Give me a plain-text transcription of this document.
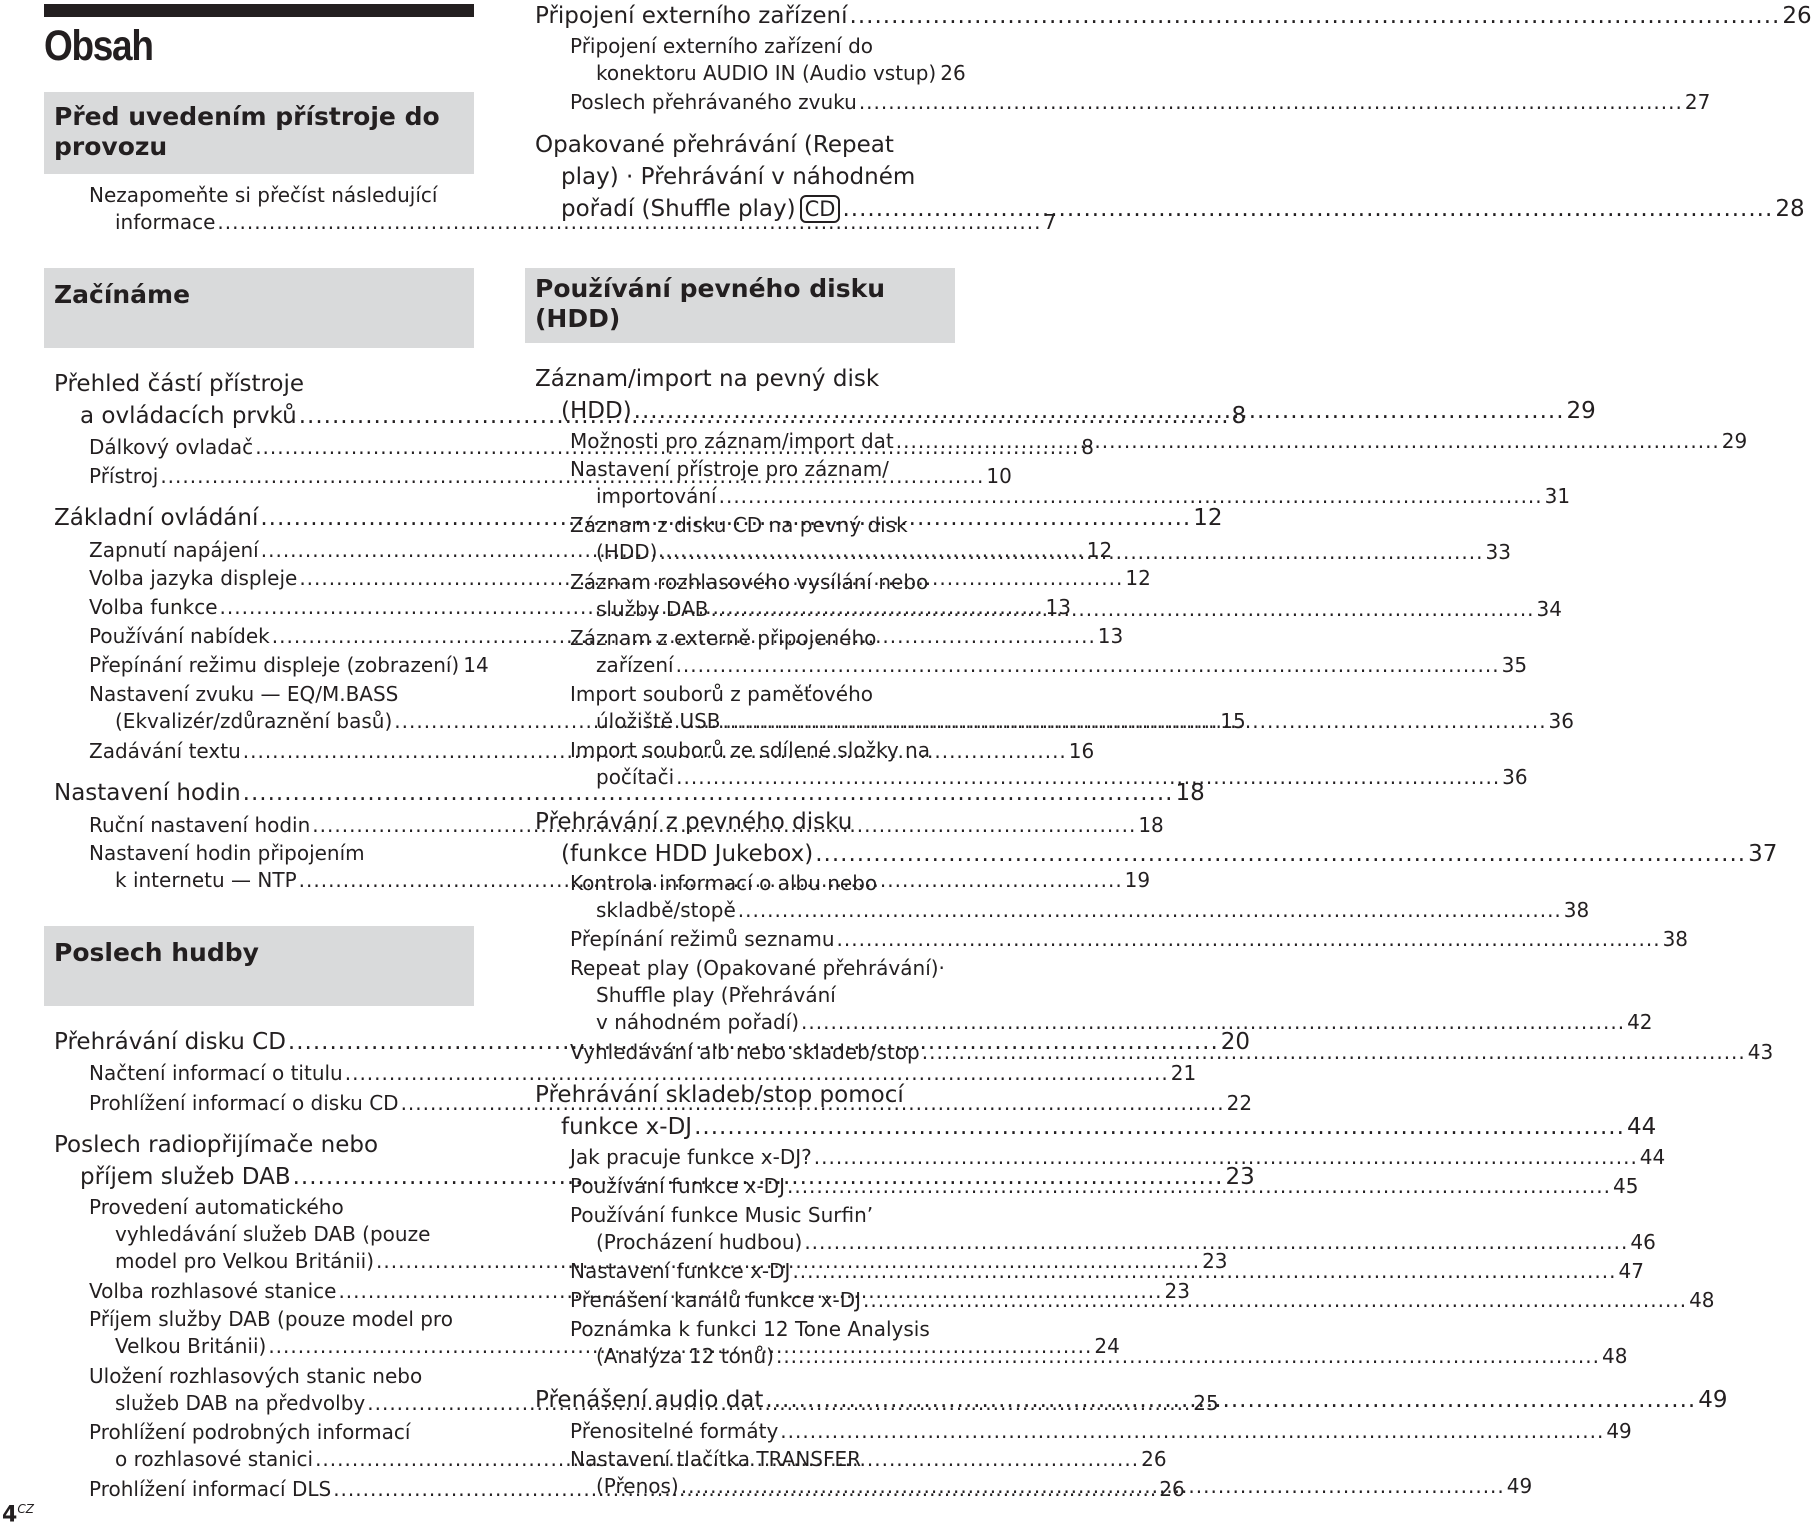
Obsah
Před uvedením přístroje do provozu
Začínáme
Poslech hudby
Nezapomeňte si přečíst následující
informace .....	7
Přehled částí přístroje
a ovládacích prvků .....	8
Dálkový ovladač .....	8
Přístroj .....	10
Základní ovládání .....	12
Zapnutí napájení .....	12
Volba jazyka displeje .....	12
Volba funkce .....	13
Používání nabídek .....	13
Přepínání režimu displeje (zobrazení) 14
Nastavení zvuku — EQ/M.BASS
(Ekvalizér/zdůraznění basů) .....	15
Zadávání textu .....	16
Nastavení hodin .....	18
Ruční nastavení hodin .....	18
Nastavení hodin připojením
k internetu — NTP .....	19
Přehrávání disku CD .....	20
Načtení informací o titulu .....	21
Prohlížení informací o disku CD .....	22
Poslech radiopřijímače nebo
příjem služeb DAB .....	23
Provedení automatického
vyhledávání služeb DAB (pouze
model pro Velkou Británii) .....	23
Volba rozhlasové stanice .....	23
Příjem služby DAB (pouze model pro
Velkou Británii) .....	24
Uložení rozhlasových stanic nebo
služeb DAB na předvolby .....	25
Prohlížení podrobných informací
o rozhlasové stanici .....	26
Prohlížení informací DLS .....	26
$4^{CZ}$
Připojení externího zařízení .....	26
Připojení externího zařízení do
konektoru AUDIO IN (Audio vstup) 26
Poslech přehrávaného zvuku .....	27
Opakované přehrávání (Repeat
play) · Přehrávání v náhodném
pořadí (Shuffle play) CD .....	28
Používání pevného disku (HDD)
Záznam/import na pevný disk
(HDD) .....	29
Možnosti pro záznam/import dat .....	29
Nastavení přístroje pro záznam/
importování .....	31
Záznam z disku CD na pevný disk
(HDD) .....	33
Záznam rozhlasového vysílání nebo
služby DAB .....	34
Záznam z externě připojeného
zařízení .....	35
Import souborů z paměťového
úložiště USB .....	36
Import souborů ze sdílené složky na
počítači .....	36
Přehrávání z pevného disku
(funkce HDD Jukebox) .....	37
Kontrola informací o albu nebo
skladbě/stopě .....	38
Přepínání režimů seznamu .....	38
Repeat play (Opakované přehrávání)·
Shuffle play (Přehrávání
v náhodném pořadí) .....	42
Vyhledávání alb nebo skladeb/stop .....	43
Přehrávání skladeb/stop pomocí
funkce x-DJ .....	44
Jak pracuje funkce x-DJ? .....	44
Používání funkce x-DJ .....	45
Používání funkce Music Surfin’
(Procházení hudbou) .....	46
Nastavení funkce x-DJ .....	47
Přenášení kanálů funkce x-DJ .....	48
Poznámka k funkci 12 Tone Analysis
(Analýza 12 tónů) .....	48
Přenášení audio dat .....	49
Přenositelné formáty .....	49
Nastavení tlačítka TRANSFER
(Přenos) .....	49
